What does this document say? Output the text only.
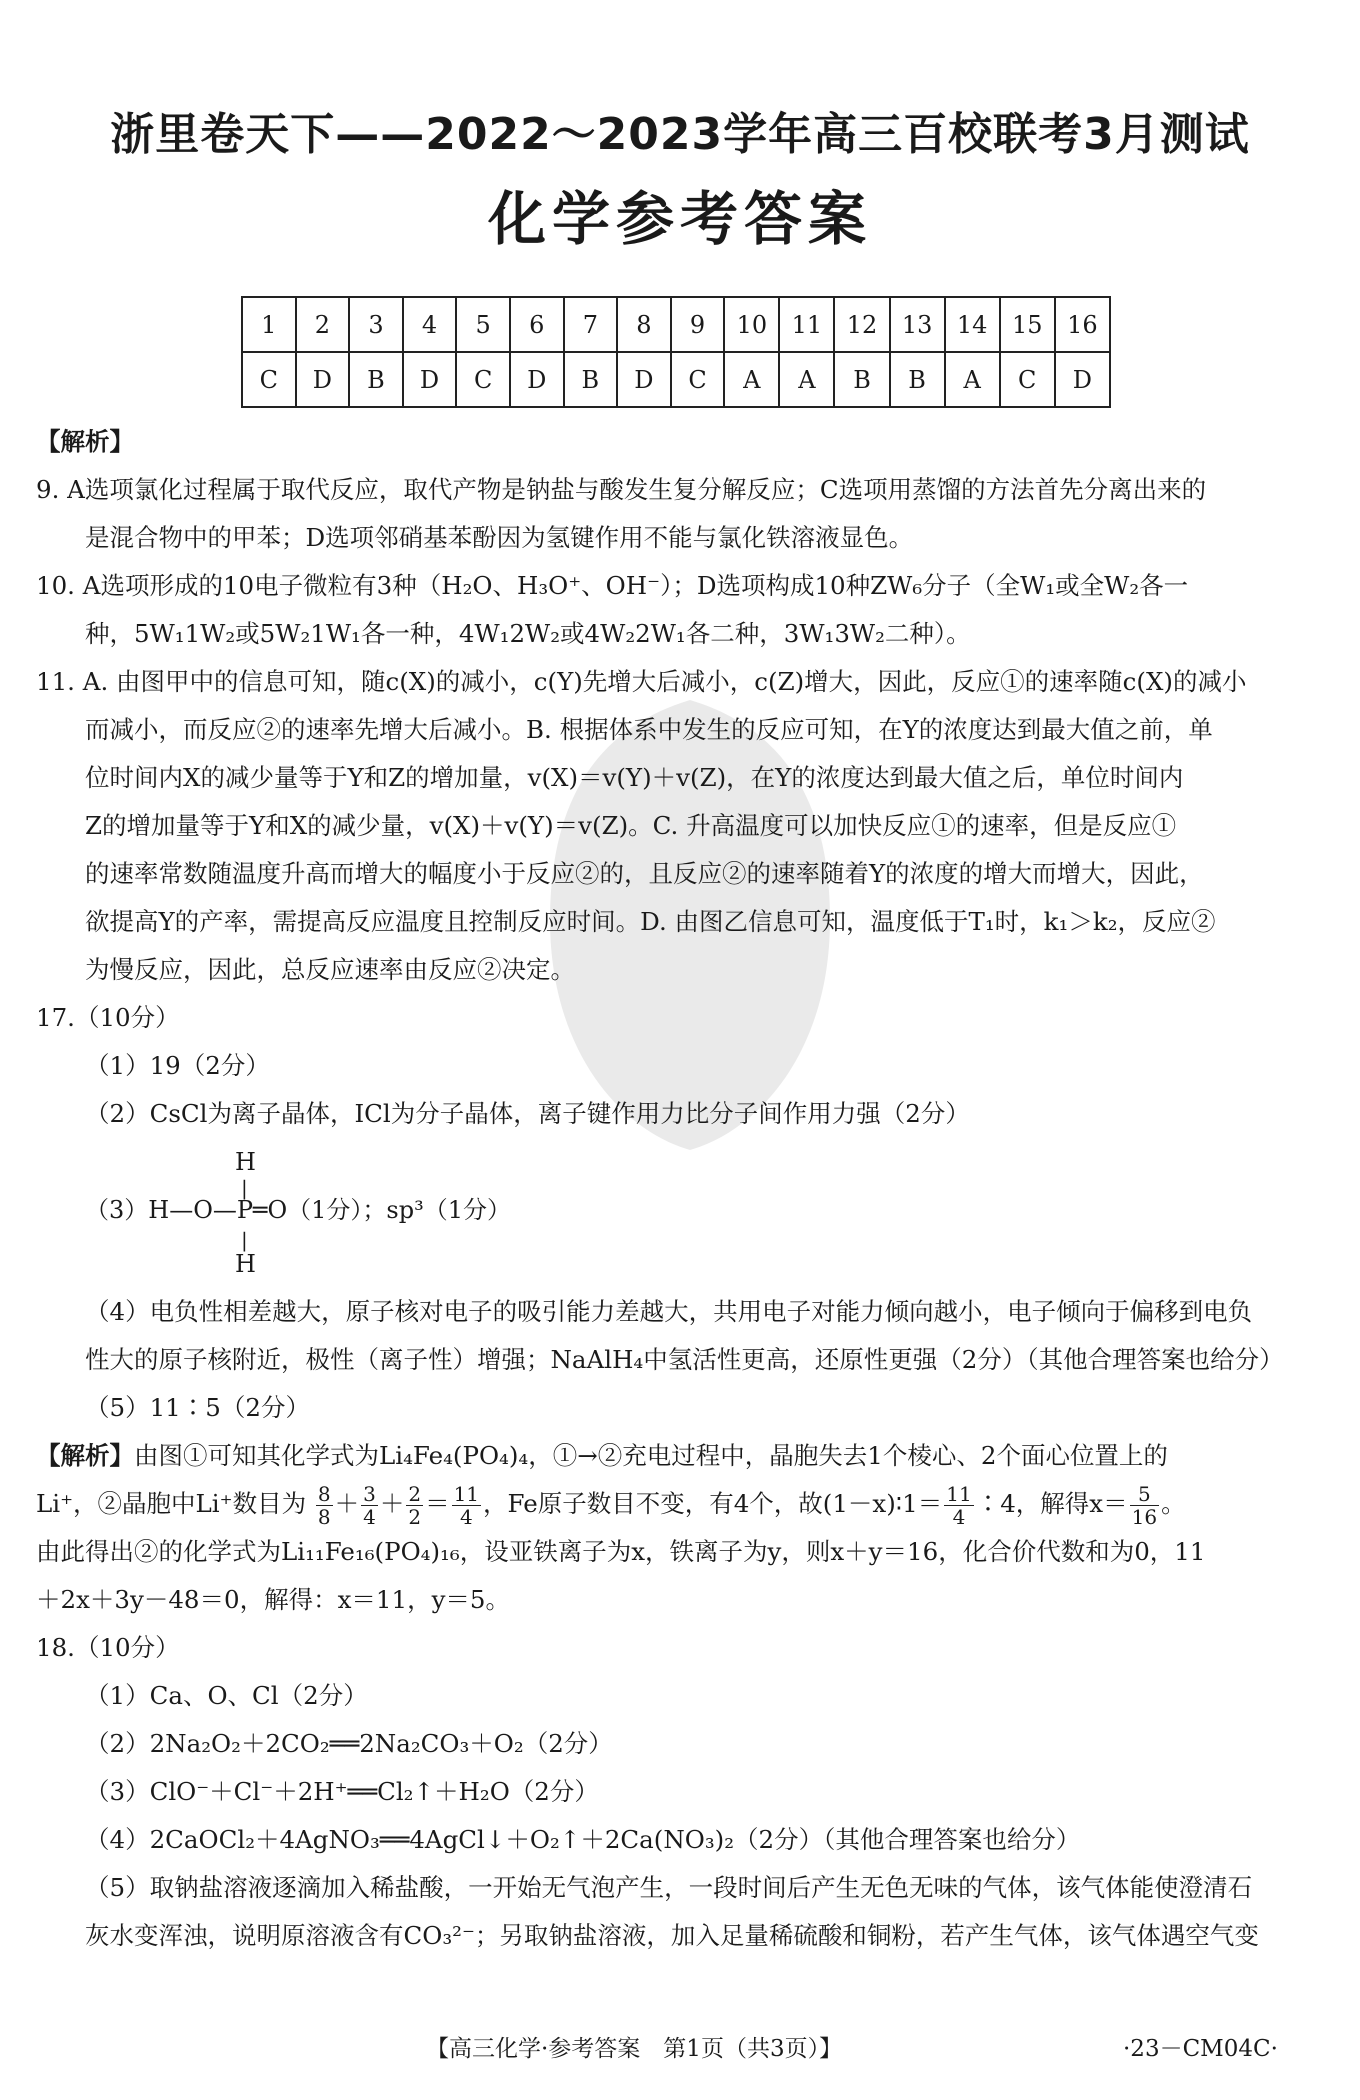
浙里卷天下——2022～2023学年高三百校联考3月测试
化学参考答案
1	2	3	4	5	6	7	8	9	10	11	12	13	14	15	16
C	D	B	D	C	D	B	D	C	A	A	B	B	A	C	D

【解析】

9. A选项氯化过程属于取代反应，取代产物是钠盐与酸发生复分解反应；C选项用蒸馏的方法首先分离出来的

是混合物中的甲苯；D选项邻硝基苯酚因为氢键作用不能与氯化铁溶液显色。

10. A选项形成的10电子微粒有3种（H₂O、H₃O⁺、OH⁻）；D选项构成10种ZW₆分子（全W₁或全W₂各一

种，5W₁1W₂或5W₂1W₁各一种，4W₁2W₂或4W₂2W₁各二种，3W₁3W₂二种）。

11. A. 由图甲中的信息可知，随c(X)的减小，c(Y)先增大后减小，c(Z)增大，因此，反应①的速率随c(X)的减小

而减小，而反应②的速率先增大后减小。B. 根据体系中发生的反应可知，在Y的浓度达到最大值之前，单

位时间内X的减少量等于Y和Z的增加量，v(X)＝v(Y)＋v(Z)，在Y的浓度达到最大值之后，单位时间内

Z的增加量等于Y和X的减少量，v(X)＋v(Y)＝v(Z)。C. 升高温度可以加快反应①的速率，但是反应①

的速率常数随温度升高而增大的幅度小于反应②的，且反应②的速率随着Y的浓度的增大而增大，因此，

欲提高Y的产率，需提高反应温度且控制反应时间。D. 由图乙信息可知，温度低于T₁时，k₁＞k₂，反应②

为慢反应，因此，总反应速率由反应②决定。

17.（10分）

（1）19（2分）

（2）CsCl为离子晶体，ICl为分子晶体，离子键作用力比分子间作用力强（2分）

H
|
（3）H—O—P═O（1分）；sp³（1分）
|
H

（4）电负性相差越大，原子核对电子的吸引能力差越大，共用电子对能力倾向越小，电子倾向于偏移到电负

性大的原子核附近，极性（离子性）增强；NaAlH₄中氢活性更高，还原性更强（2分）（其他合理答案也给分）

（5）11∶5（2分）

【解析】由图①可知其化学式为Li₄Fe₄(PO₄)₄，①→②充电过程中，晶胞失去1个棱心、2个面心位置上的

Li⁺，②晶胞中Li⁺数目为 $\frac{8}{8} + \frac{3}{4} + \frac{2}{2} = \frac{11}{4}$ ，Fe原子数目不变，有4个，故(1－x)∶1＝ $\frac{11}{4}$ ∶4，解得$x= \frac{5}{16}$ 。

由此得出②的化学式为Li₁₁Fe₁₆(PO₄)₁₆，设亚铁离子为x，铁离子为y，则x＋y＝16，化合价代数和为0，11

＋2x＋3y－48＝0，解得：x＝11，y＝5。

18.（10分）

（1）Ca、O、Cl（2分）

（2）2Na₂O₂＋2CO₂══2Na₂CO₃＋O₂（2分）

（3）ClO⁻＋Cl⁻＋2H⁺══Cl₂↑＋H₂O（2分）

（4）2CaOCl₂＋4AgNO₃══4AgCl↓＋O₂↑＋2Ca(NO₃)₂（2分）（其他合理答案也给分）

（5）取钠盐溶液逐滴加入稀盐酸，一开始无气泡产生，一段时间后产生无色无味的气体，该气体能使澄清石

灰水变浑浊，说明原溶液含有CO₃²⁻；另取钠盐溶液，加入足量稀硫酸和铜粉，若产生气体，该气体遇空气变

【高三化学·参考答案　第1页（共3页）】	·23－CM04C·
